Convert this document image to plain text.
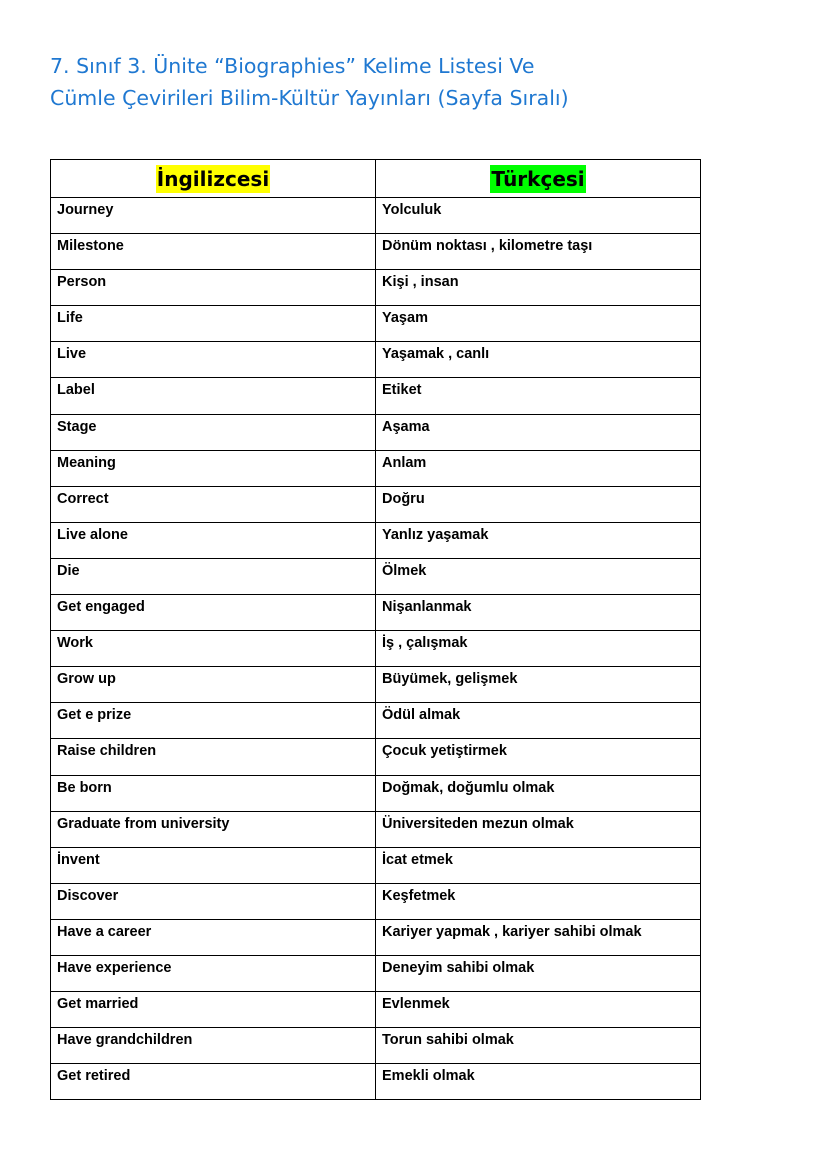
7. Sınıf 3. Ünite “Biographies” Kelime Listesi Ve
Cümle Çevirileri Bilim-Kültür Yayınları (Sayfa Sıralı)
İngilizcesi	Türkçesi
Journey	Yolculuk
Milestone	Dönüm noktası , kilometre taşı
Person	Kişi , insan
Life	Yaşam
Live	Yaşamak , canlı
Label	Etiket
Stage	Aşama
Meaning	Anlam
Correct	Doğru
Live alone	Yanlız yaşamak
Die	Ölmek
Get engaged	Nişanlanmak
Work	İş , çalışmak
Grow up	Büyümek, gelişmek
Get e prize	Ödül almak
Raise children	Çocuk yetiştirmek
Be born	Doğmak, doğumlu olmak
Graduate from university	Üniversiteden mezun olmak
İnvent	İcat etmek
Discover	Keşfetmek
Have a career	Kariyer yapmak , kariyer sahibi olmak
Have experience	Deneyim sahibi olmak
Get married	Evlenmek
Have grandchildren	Torun sahibi olmak
Get retired	Emekli olmak
